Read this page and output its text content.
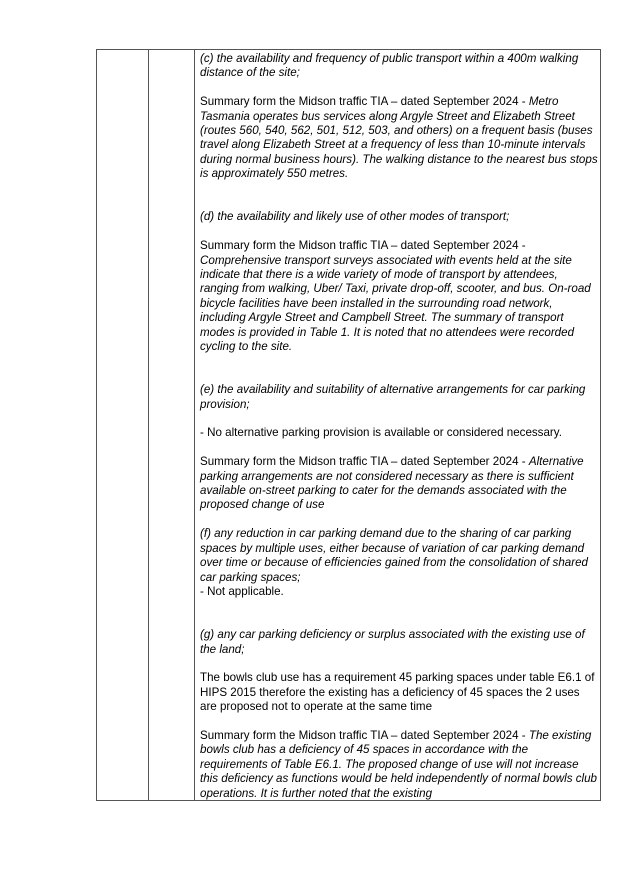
(c) the availability and frequency of public transport within a 400m walking distance of the site;

Summary form the Midson traffic TIA – dated September 2024 - Metro Tasmania operates bus services along Argyle Street and Elizabeth Street (routes 560, 540, 562, 501, 512, 503, and others) on a frequent basis (buses travel along Elizabeth Street at a frequency of less than 10-minute intervals during normal business hours). The walking distance to the nearest bus stops is approximately 550 metres.

(d) the availability and likely use of other modes of transport;

Summary form the Midson traffic TIA – dated September 2024 - Comprehensive transport surveys associated with events held at the site indicate that there is a wide variety of mode of transport by attendees, ranging from walking, Uber/ Taxi, private drop-off, scooter, and bus. On-road bicycle facilities have been installed in the surrounding road network, including Argyle Street and Campbell Street. The summary of transport modes is provided in Table 1. It is noted that no attendees were recorded cycling to the site.

(e) the availability and suitability of alternative arrangements for car parking provision;

- No alternative parking provision is available or considered necessary.

Summary form the Midson traffic TIA – dated September 2024 - Alternative parking arrangements are not considered necessary as there is sufficient available on-street parking to cater for the demands associated with the proposed change of use

(f) any reduction in car parking demand due to the sharing of car parking spaces by multiple uses, either because of variation of car parking demand over time or because of efficiencies gained from the consolidation of shared car parking spaces;

- Not applicable.

(g) any car parking deficiency or surplus associated with the existing use of the land;

The bowls club use has a requirement 45 parking spaces under table E6.1 of HIPS 2015 therefore the existing has a deficiency of 45 spaces the 2 uses are proposed not to operate at the same time

Summary form the Midson traffic TIA – dated September 2024 - The existing bowls club has a deficiency of 45 spaces in accordance with the requirements of Table E6.1. The proposed change of use will not increase this deficiency as functions would be held independently of normal bowls club operations. It is further noted that the existing
